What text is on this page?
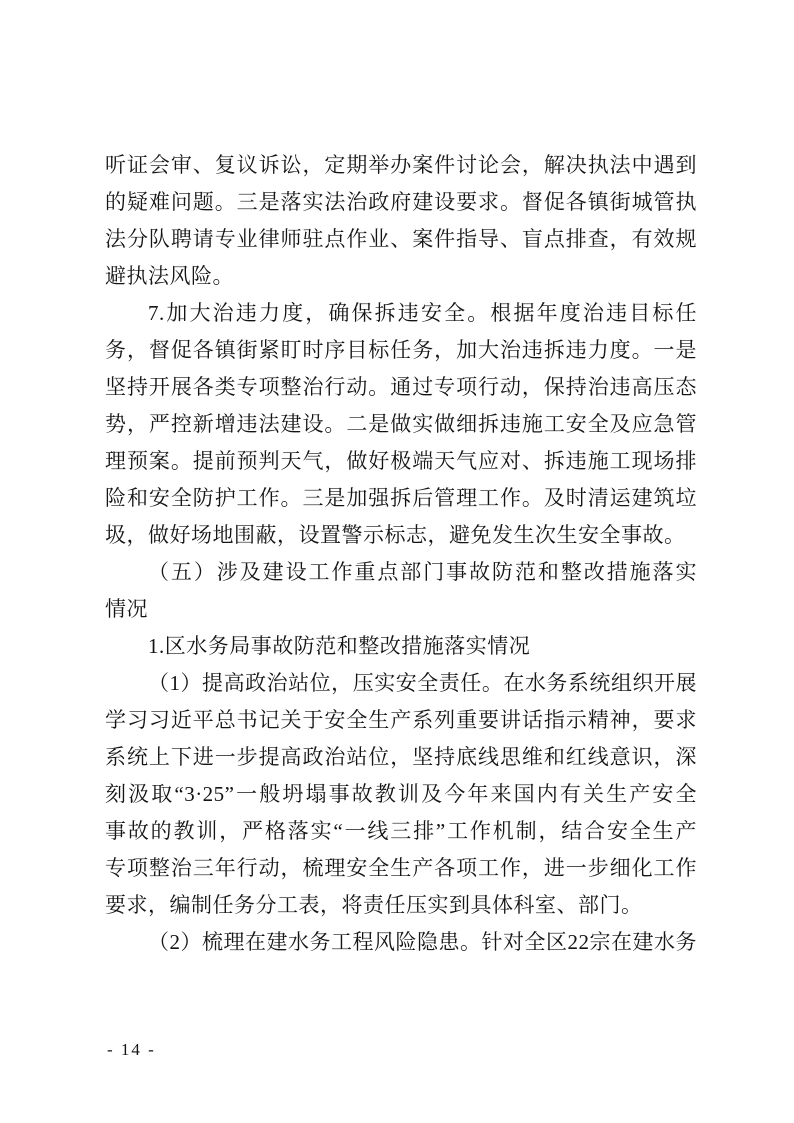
听证会审、复议诉讼，定期举办案件讨论会，解决执法中遇到
的疑难问题。三是落实法治政府建设要求。督促各镇街城管执
法分队聘请专业律师驻点作业、案件指导、盲点排查，有效规
避执法风险。
7.加大治违力度，确保拆违安全。根据年度治违目标任
务，督促各镇街紧盯时序目标任务，加大治违拆违力度。一是
坚持开展各类专项整治行动。通过专项行动，保持治违高压态
势，严控新增违法建设。二是做实做细拆违施工安全及应急管
理预案。提前预判天气，做好极端天气应对、拆违施工现场排
险和安全防护工作。三是加强拆后管理工作。及时清运建筑垃
圾，做好场地围蔽，设置警示标志，避免发生次生安全事故。
（五）涉及建设工作重点部门事故防范和整改措施落实
情况
1.区水务局事故防范和整改措施落实情况
（1）提高政治站位，压实安全责任。在水务系统组织开展
学习习近平总书记关于安全生产系列重要讲话指示精神，要求
系统上下进一步提高政治站位，坚持底线思维和红线意识，深
刻汲取“3·25”一般坍塌事故教训及今年来国内有关生产安全
事故的教训，严格落实“一线三排”工作机制，结合安全生产
专项整治三年行动，梳理安全生产各项工作，进一步细化工作
要求，编制任务分工表，将责任压实到具体科室、部门。
（2）梳理在建水务工程风险隐患。针对全区22宗在建水务
- 14 -
